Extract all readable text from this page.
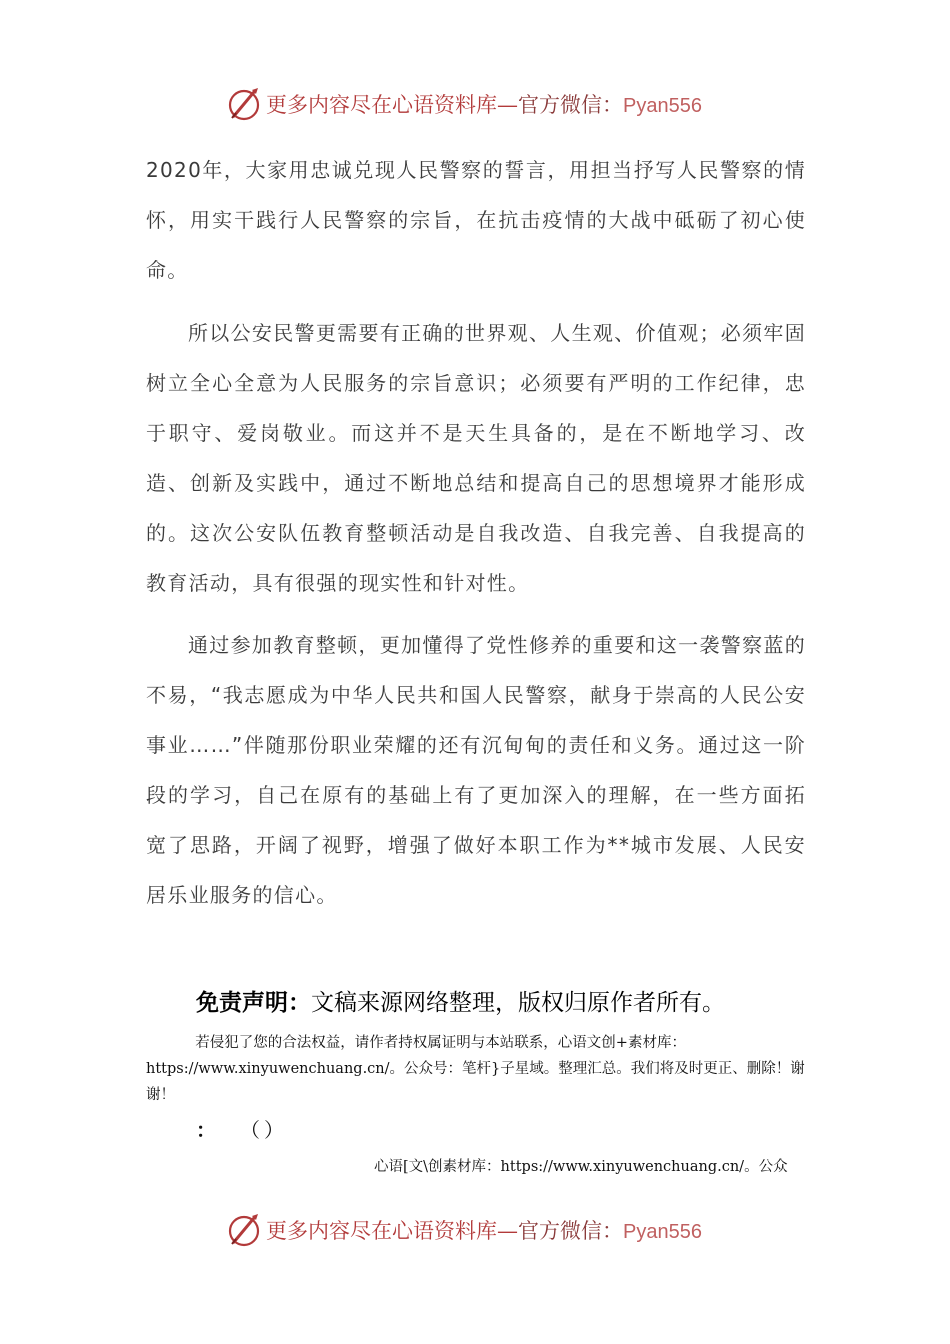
更多内容尽在心语资料库—官方微信：Pyan556

2020年，大家用忠诚兑现人民警察的誓言，用担当抒写人民警察的情怀，用实干践行人民警察的宗旨，在抗击疫情的大战中砥砺了初心使命。

所以公安民警更需要有正确的世界观、人生观、价值观；必须牢固树立全心全意为人民服务的宗旨意识；必须要有严明的工作纪律，忠于职守、爱岗敬业。而这并不是天生具备的，是在不断地学习、改造、创新及实践中，通过不断地总结和提高自己的思想境界才能形成的。这次公安队伍教育整顿活动是自我改造、自我完善、自我提高的教育活动，具有很强的现实性和针对性。

通过参加教育整顿，更加懂得了党性修养的重要和这一袭警察蓝的不易，“我志愿成为中华人民共和国人民警察，献身于崇高的人民公安事业……”伴随那份职业荣耀的还有沉甸甸的责任和义务。通过这一阶段的学习，自己在原有的基础上有了更加深入的理解，在一些方面拓宽了思路，开阔了视野，增强了做好本职工作为**城市发展、人民安居乐业服务的信心。

免责声明：文稿来源网络整理，版权归原作者所有。

若侵犯了您的合法权益，请作者持权属证明与本站联系，心语文创+素材库：https://www.xinyuwenchuang.cn/。公众号：笔杆}子星域。整理汇总。我们将及时更正、删除！谢谢！

： （）
心语[文\创素材库：https://www.xinyuwenchuang.cn/。公众
更多内容尽在心语资料库—官方微信：Pyan556
